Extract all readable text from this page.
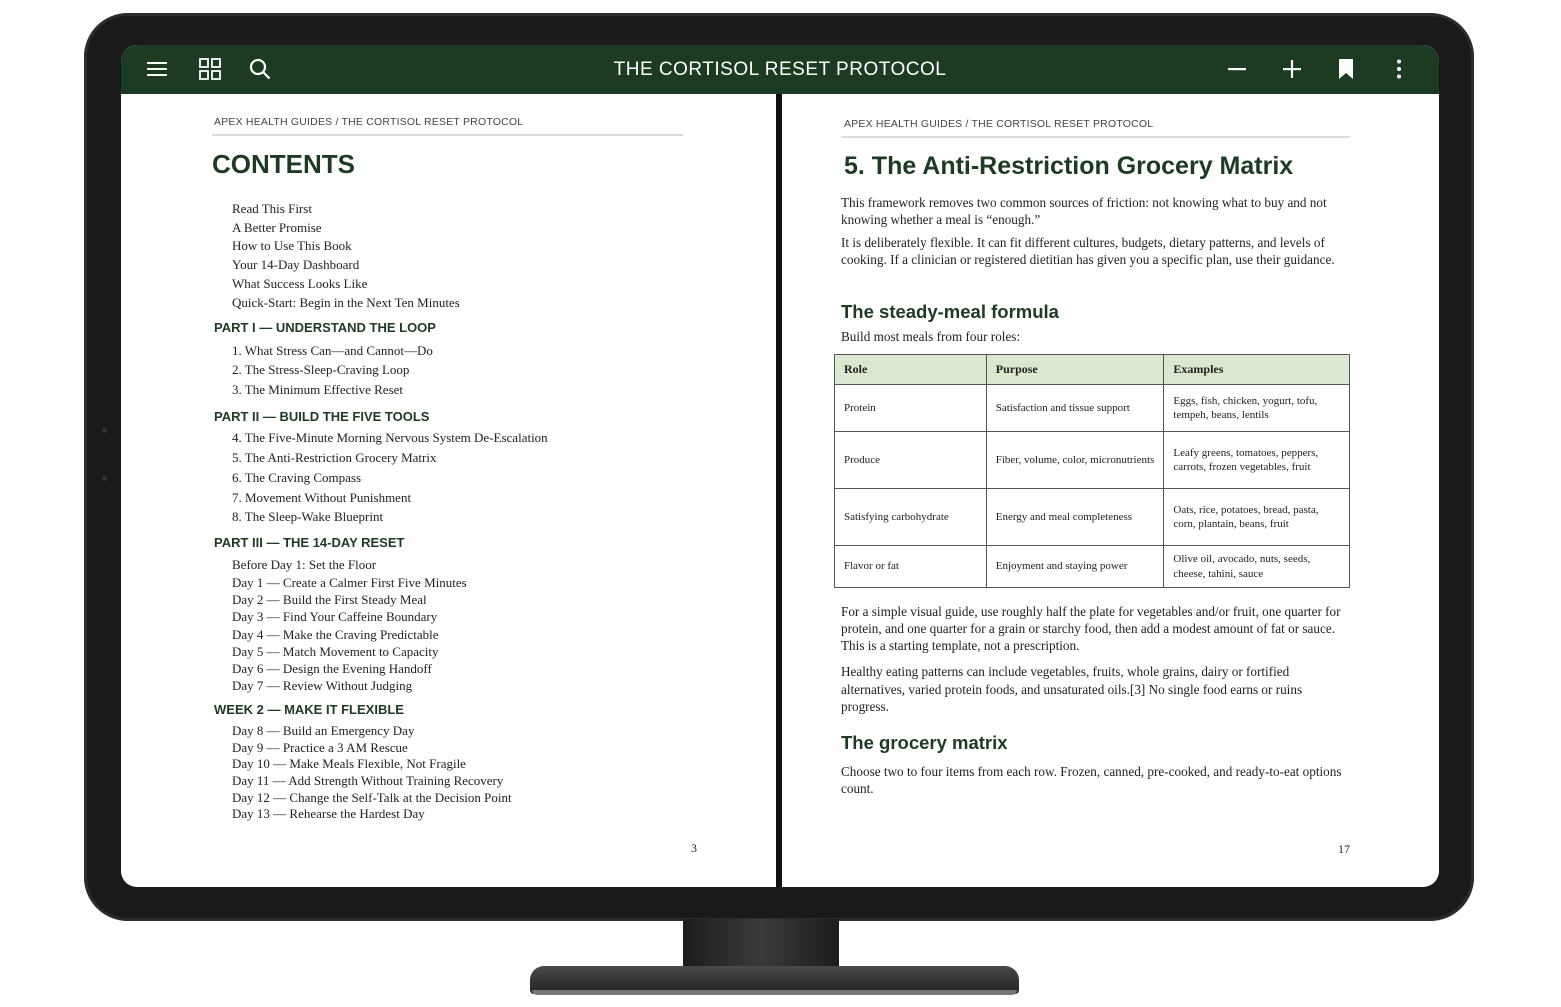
THE CORTISOL RESET PROTOCOL
APEX HEALTH GUIDES / THE CORTISOL RESET PROTOCOL
CONTENTS
Read This First
A Better Promise
How to Use This Book
Your 14-Day Dashboard
What Success Looks Like
Quick-Start: Begin in the Next Ten Minutes
PART I — UNDERSTAND THE LOOP
1. What Stress Can—and Cannot—Do
2. The Stress-Sleep-Craving Loop
3. The Minimum Effective Reset
PART II — BUILD THE FIVE TOOLS
4. The Five-Minute Morning Nervous System De-Escalation
5. The Anti-Restriction Grocery Matrix
6. The Craving Compass
7. Movement Without Punishment
8. The Sleep-Wake Blueprint
PART III — THE 14-DAY RESET
Before Day 1: Set the Floor
Day 1 — Create a Calmer First Five Minutes
Day 2 — Build the First Steady Meal
Day 3 — Find Your Caffeine Boundary
Day 4 — Make the Craving Predictable
Day 5 — Match Movement to Capacity
Day 6 — Design the Evening Handoff
Day 7 — Review Without Judging
WEEK 2 — MAKE IT FLEXIBLE
Day 8 — Build an Emergency Day
Day 9 — Practice a 3 AM Rescue
Day 10 — Make Meals Flexible, Not Fragile
Day 11 — Add Strength Without Training Recovery
Day 12 — Change the Self-Talk at the Decision Point
Day 13 — Rehearse the Hardest Day
3
APEX HEALTH GUIDES / THE CORTISOL RESET PROTOCOL
5. The Anti-Restriction Grocery Matrix

This framework removes two common sources of friction: not knowing what to buy and not knowing whether a meal is “enough.”

It is deliberately flexible. It can fit different cultures, budgets, dietary patterns, and levels of cooking. If a clinician or registered dietitian has given you a specific plan, use their guidance.

The steady-meal formula

Build most meals from four roles:

Role	Purpose	Examples
Protein	Satisfaction and tissue support	Eggs, fish, chicken, yogurt, tofu, tempeh, beans, lentils
Produce	Fiber, volume, color, micronutrients	Leafy greens, tomatoes, peppers, carrots, frozen vegetables, fruit
Satisfying carbohydrate	Energy and meal completeness	Oats, rice, potatoes, bread, pasta, corn, plantain, beans, fruit
Flavor or fat	Enjoyment and staying power	Olive oil, avocado, nuts, seeds, cheese, tahini, sauce

For a simple visual guide, use roughly half the plate for vegetables and/or fruit, one quarter for protein, and one quarter for a grain or starchy food, then add a modest amount of fat or sauce. This is a starting template, not a prescription.

Healthy eating patterns can include vegetables, fruits, whole grains, dairy or fortified alternatives, varied protein foods, and unsaturated oils.[3] No single food earns or ruins progress.

The grocery matrix

Choose two to four items from each row. Frozen, canned, pre-cooked, and ready-to-eat options count.

17
